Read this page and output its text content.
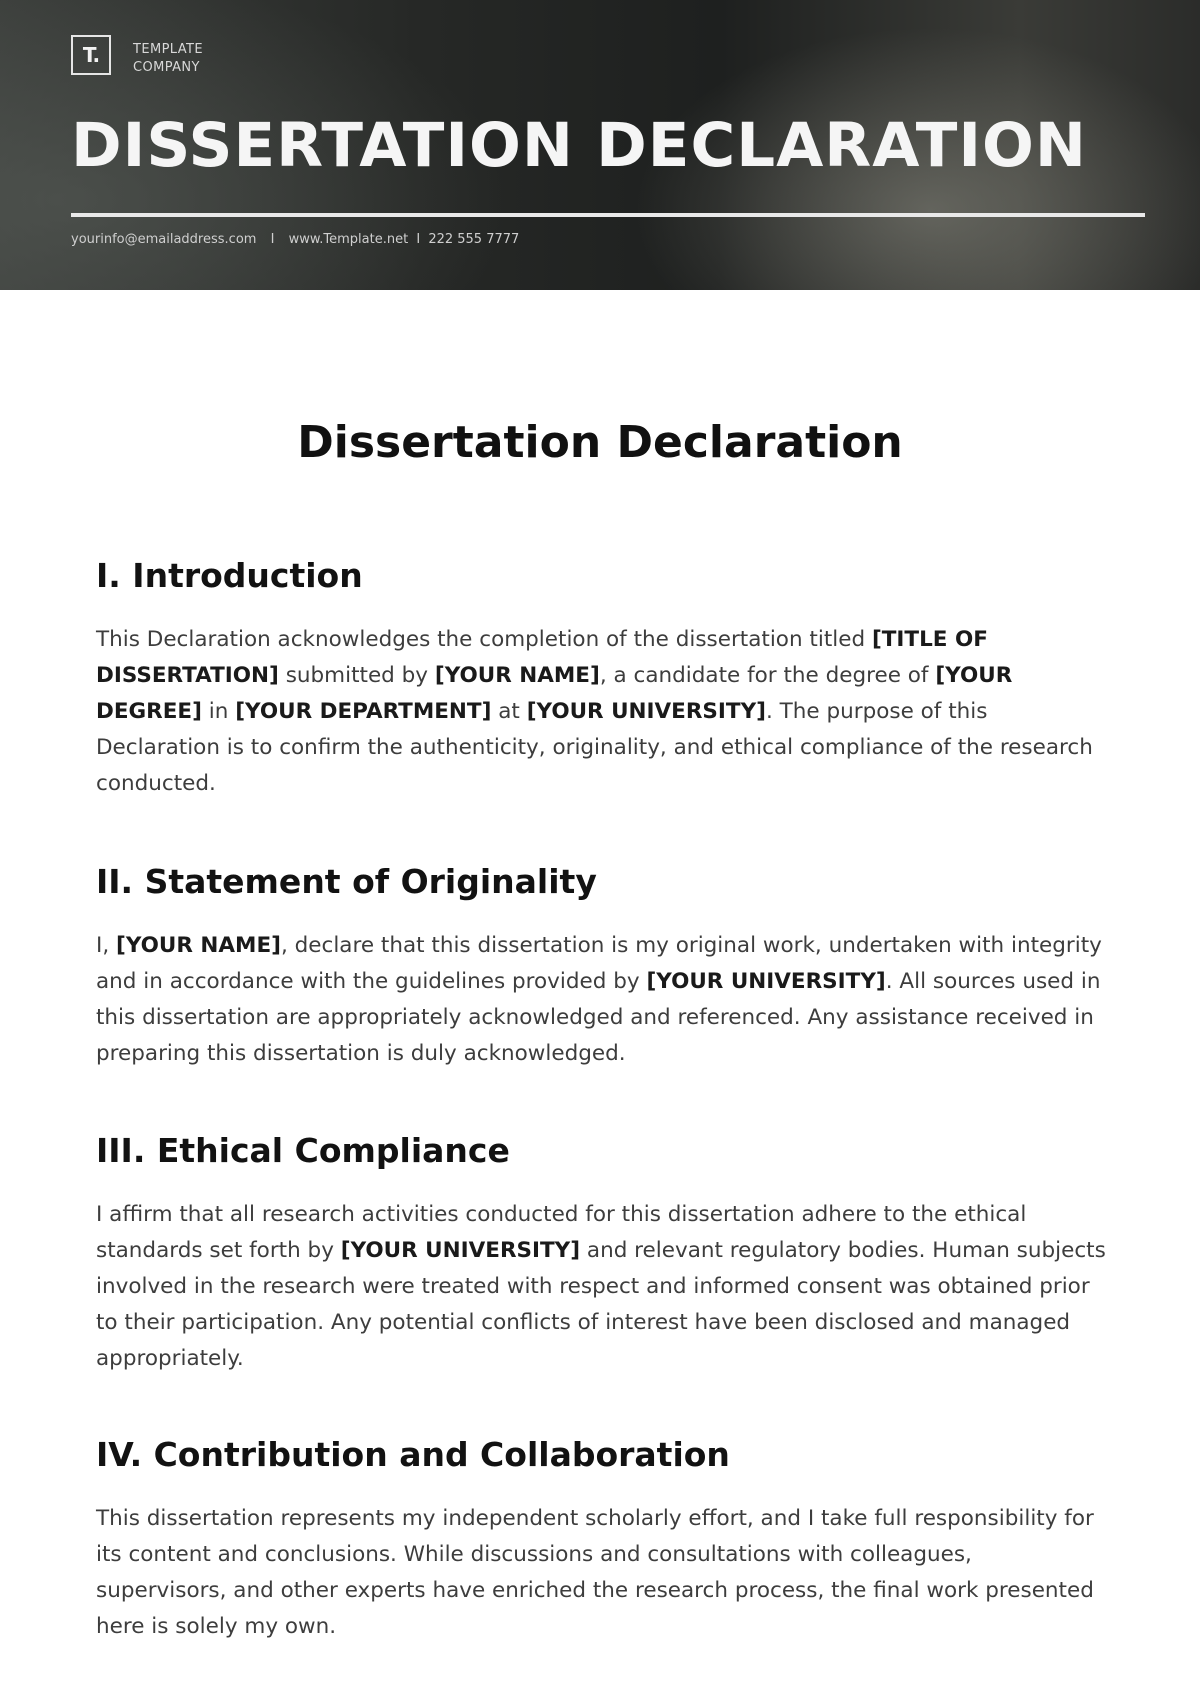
T.	TEMPLATE
COMPANY
DISSERTATION DECLARATION
yourinfo@emailaddress.com I www.Template.net I 222 555 7777
Dissertation Declaration
I. Introduction

This Declaration acknowledges the completion of the dissertation titled [TITLE OF DISSERTATION] submitted by [YOUR NAME], a candidate for the degree of [YOUR DEGREE] in [YOUR DEPARTMENT] at [YOUR UNIVERSITY]. The purpose of this Declaration is to confirm the authenticity, originality, and ethical compliance of the research conducted.

II. Statement of Originality

I, [YOUR NAME], declare that this dissertation is my original work, undertaken with integrity and in accordance with the guidelines provided by [YOUR UNIVERSITY]. All sources used in this dissertation are appropriately acknowledged and referenced. Any assistance received in preparing this dissertation is duly acknowledged.

III. Ethical Compliance

I affirm that all research activities conducted for this dissertation adhere to the ethical standards set forth by [YOUR UNIVERSITY] and relevant regulatory bodies. Human subjects involved in the research were treated with respect and informed consent was obtained prior to their participation. Any potential conflicts of interest have been disclosed and managed appropriately.

IV. Contribution and Collaboration

This dissertation represents my independent scholarly effort, and I take full responsibility for its content and conclusions. While discussions and consultations with colleagues, supervisors, and other experts have enriched the research process, the final work presented here is solely my own.
